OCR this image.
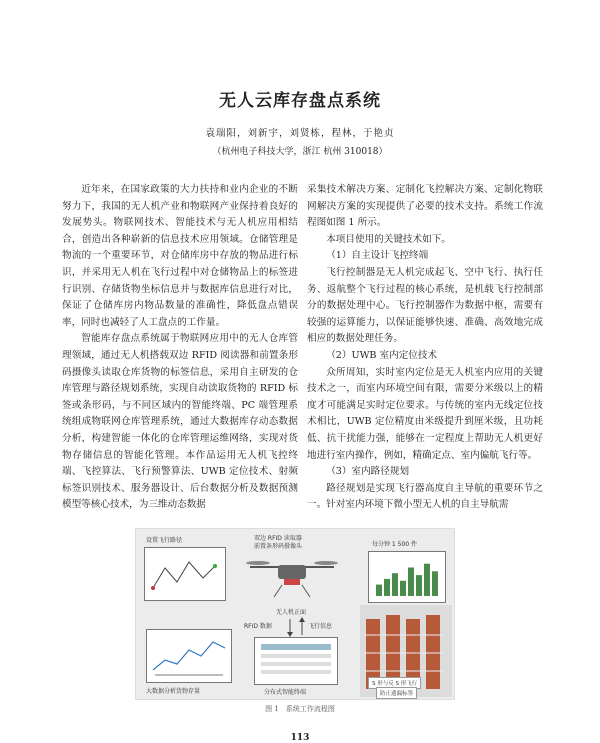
无人云库存盘点系统
袁瑞阳，刘新宇，刘贤栋，程林，于艳贞
（杭州电子科技大学，浙江 杭州 310018）

近年来，在国家政策的大力扶持和业内企业的不断努力下，我国的无人机产业和物联网产业保持着良好的发展势头。物联网技术、智能技术与无人机应用相结合，创造出各种崭新的信息技术应用领域。仓储管理是物流的一个重要环节，对仓储库房中存放的物品进行标识，并采用无人机在飞行过程中对仓储物品上的标签进行识别、存储货物坐标信息并与数据库信息进行对比，保证了仓储库房内物品数量的准确性，降低盘点错误率，同时也减轻了人工盘点的工作量。

智能库存盘点系统属于物联网应用中的无人仓库管理领域，通过无人机搭载双边 RFID 阅读器和前置条形码摄像头读取仓库货物的标签信息，采用自主研发的仓库管理与路径规划系统，实现自动读取货物的 RFID 标签或条形码，与不同区域内的智能终端、PC 端管理系统组成物联网仓库管理系统，通过大数据库存动态数据分析，构建智能一体化的仓库管理运维网络，实现对货物存储信息的智能化管理。本作品运用无人机飞控终端、飞控算法、飞行预警算法、UWB 定位技术、射频标签识别技术、服务器设计、后台数据分析及数据预测模型等核心技术，为三维动态数据

采集技术解决方案、定制化飞控解决方案、定制化物联网解决方案的实现提供了必要的技术支持。系统工作流程图如图 1 所示。

本项目使用的关键技术如下。

（1）自主设计飞控终端

飞行控制器是无人机完成起飞、空中飞行、执行任务、返航整个飞行过程的核心系统，是机载飞行控制部分的数据处理中心。飞行控制器作为数据中枢，需要有较强的运算能力，以保证能够快速、准确、高效地完成相应的数据处理任务。

（2）UWB 室内定位技术

众所周知，实时室内定位是无人机室内应用的关键技术之一，而室内环境空间有限，需要分米级以上的精度才可能满足实时定位要求。与传统的室内无线定位技术相比，UWB 定位精度由米级提升到厘米级，且功耗低、抗干扰能力强，能够在一定程度上帮助无人机更好地进行室内操作，例如，精确定点、室内偏航飞行等。

（3）室内路径规划

路径规划是实现飞行器高度自主导航的重要环节之一。针对室内环境下微小型无人机的自主导航需

设置飞行路径	双边 RFID 读取器
前置条形码摄像头
无人机正面
每分钟 1 500 件
RFID 数据	飞行信息
大数据分析货物存量	分布式智能终端
S 形与反 S 形飞行
防止遗漏标签
图 1　系统工作流程图
113
